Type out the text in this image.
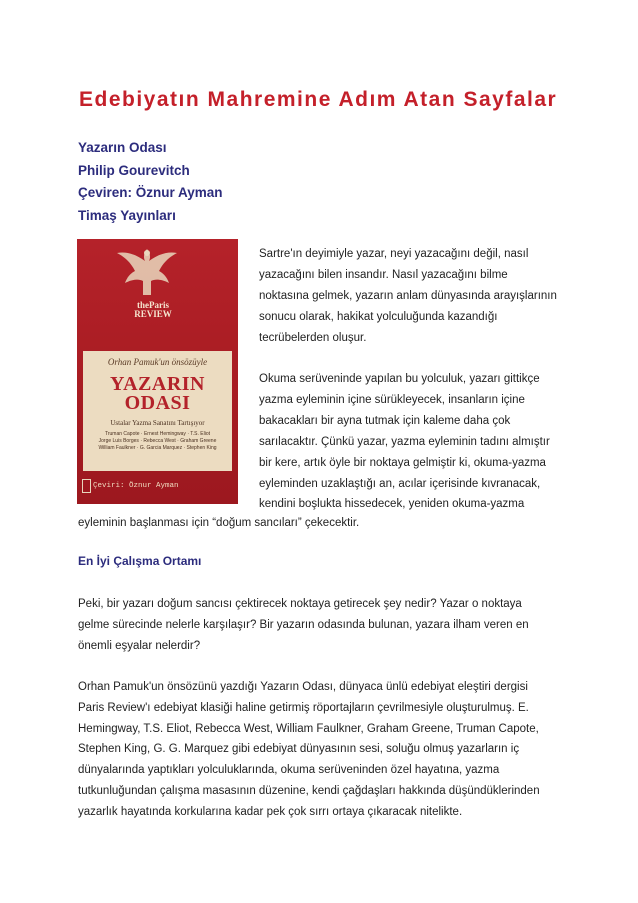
Edebiyatın Mahremine Adım Atan Sayfalar
Yazarın Odası
Philip Gourevitch
Çeviren: Öznur Ayman
Timaş Yayınları
theParis
REVIEW
Orhan Pamuk'un önsözüyle
YAZARIN
ODASI
Ustalar Yazma Sanatını Tartışıyor
Truman Capote · Ernest Hemingway · T.S. Eliot
Jorge Luis Borges · Rebecca West · Graham Greene
William Faulkner · G. Garcia Marquez · Stephen King
Çeviri: Öznur Ayman
Sartre'ın deyimiyle yazar, neyi yazacağını değil, nasıl
yazacağını bilen insandır. Nasıl yazacağını bilme
noktasına gelmek, yazarın anlam dünyasında arayışlarının
sonucu olarak, hakikat yolculuğunda kazandığı
tecrübelerden oluşur.
Okuma serüveninde yapılan bu yolculuk, yazarı gittikçe
yazma eyleminin içine sürükleyecek, insanların içine
bakacakları bir ayna tutmak için kaleme daha çok
sarılacaktır. Çünkü yazar, yazma eyleminin tadını almıştır
bir kere, artık öyle bir noktaya gelmiştir ki, okuma-yazma
eyleminden uzaklaştığı an, acılar içerisinde kıvranacak,
kendini boşlukta hissedecek, yeniden okuma-yazma
eyleminin başlanması için “doğum sancıları” çekecektir.
En İyi Çalışma Ortamı
Peki, bir yazarı doğum sancısı çektirecek noktaya getirecek şey nedir? Yazar o noktaya
gelme sürecinde nelerle karşılaşır? Bir yazarın odasında bulunan, yazara ilham veren en
önemli eşyalar nelerdir?
Orhan Pamuk'un önsözünü yazdığı Yazarın Odası, dünyaca ünlü edebiyat eleştiri dergisi
Paris Review'ı edebiyat klasiği haline getirmiş röportajların çevrilmesiyle oluşturulmuş. E.
Hemingway, T.S. Eliot, Rebecca West, William Faulkner, Graham Greene, Truman Capote,
Stephen King, G. G. Marquez gibi edebiyat dünyasının sesi, soluğu olmuş yazarların iç
dünyalarında yaptıkları yolculuklarında, okuma serüveninden özel hayatına, yazma
tutkunluğundan çalışma masasının düzenine, kendi çağdaşları hakkında düşündüklerinden
yazarlık hayatında korkularına kadar pek çok sırrı ortaya çıkaracak nitelikte.
